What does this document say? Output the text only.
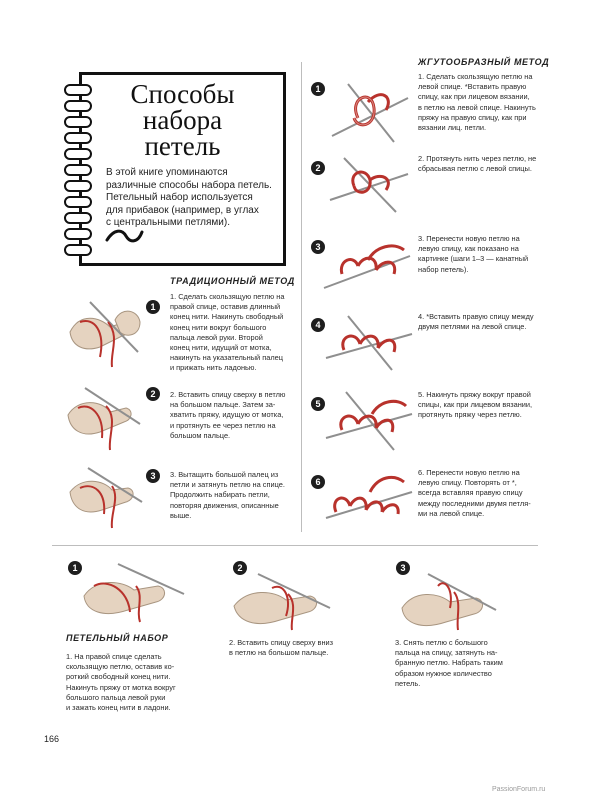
Способы
набора
петель
В этой книге упоминаются
различные способы набора петель.
Петельный набор используется
для прибавок (например, в углах
с центральными петлями).
ТРАДИЦИОННЫЙ МЕТОД
1
1. Сделать скользящую петлю на
правой спице, оставив длинный
конец нити. Накинуть свободный
конец нити вокруг большого
пальца левой руки. Второй
конец нити, идущий от мотка,
накинуть на указательный палец
и прижать нить ладонью.
2	2. Вставить спицу сверху в петлю
на большом пальце. Затем за-
хватить пряжу, идущую от мотка,
и протянуть ее через петлю на
большом пальце.
3	3. Вытащить большой палец из
петли и затянуть петлю на спице.
Продолжить набирать петли,
повторяя движения, описанные
выше.
ЖГУТООБРАЗНЫЙ МЕТОД
1
1. Сделать скользящую петлю на
левой спице. *Вставить правую
спицу, как при лицевом вязании,
в петлю на левой спице. Накинуть
пряжу на правую спицу, как при
вязании лиц. петли.
2
2. Протянуть нить через петлю, не
сбрасывая петлю с левой спицы.
3
3. Перенести новую петлю на
левую спицу, как показано на
картинке (шаги 1–3 — канатный
набор петель).
4
4. *Вставить правую спицу между
двумя петлями на левой спице.
5
5. Накинуть пряжу вокруг правой
спицы, как при лицевом вязании,
протянуть пряжу через петлю.
6
6. Перенести новую петлю на
левую спицу. Повторять от *,
всегда вставляя правую спицу
между последними двумя петля-
ми на левой спице.
1	2	3
ПЕТЕЛЬНЫЙ НАБОР
1. На правой спице сделать
скользящую петлю, оставив ко-
роткий свободный конец нити.
Накинуть пряжу от мотка вокруг
большого пальца левой руки
и зажать конец нити в ладони.
2. Вставить спицу сверху вниз
в петлю на большом пальце.
3. Снять петлю с большого
пальца на спицу, затянуть на-
бранную петлю. Набрать таким
образом нужное количество
петель.
166
PassionForum.ru
